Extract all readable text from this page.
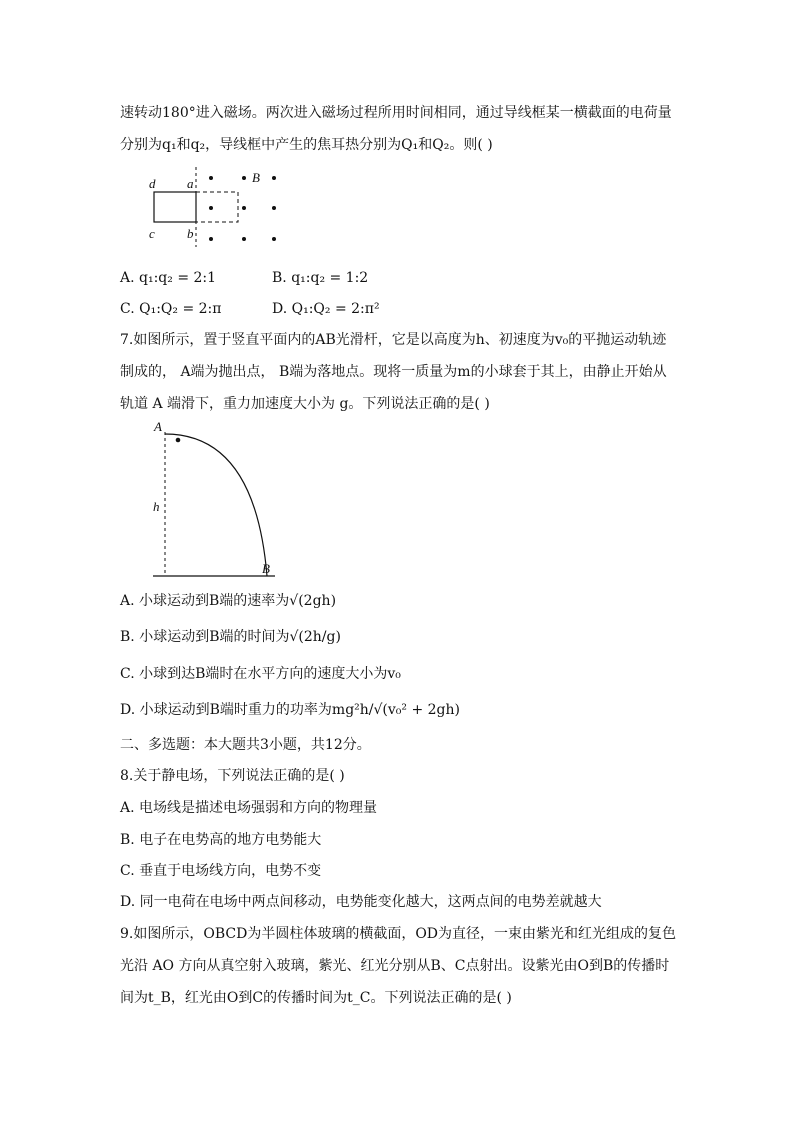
速转动180°进入磁场。两次进入磁场过程所用时间相同，通过导线框某一横截面的电荷量
分别为q₁和q₂，导线框中产生的焦耳热分别为Q₁和Q₂。则( )
d a
c b
B
A. q₁:q₂ = 2:1	B. q₁:q₂ = 1:2
C. Q₁:Q₂ = 2:π	D. Q₁:Q₂ = 2:π²
7.如图所示，置于竖直平面内的AB光滑杆，它是以高度为h、初速度为v₀的平抛运动轨迹
制成的， A端为抛出点， B端为落地点。现将一质量为m的小球套于其上，由静止开始从
轨道 A 端滑下，重力加速度大小为 g。下列说法正确的是( )
A
h
B
A. 小球运动到B端的速率为√(2gh)
B. 小球运动到B端的时间为√(2h/g)
C. 小球到达B端时在水平方向的速度大小为v₀
D. 小球运动到B端时重力的功率为mg²h/√(v₀² + 2gh)
二、多选题：本大题共3小题，共12分。
8.关于静电场，下列说法正确的是( )
A. 电场线是描述电场强弱和方向的物理量
B. 电子在电势高的地方电势能大
C. 垂直于电场线方向，电势不变
D. 同一电荷在电场中两点间移动，电势能变化越大，这两点间的电势差就越大
9.如图所示，OBCD为半圆柱体玻璃的横截面，OD为直径，一束由紫光和红光组成的复色
光沿 AO 方向从真空射入玻璃，紫光、红光分别从B、C点射出。设紫光由O到B的传播时
间为t_B，红光由O到C的传播时间为t_C。下列说法正确的是( )
